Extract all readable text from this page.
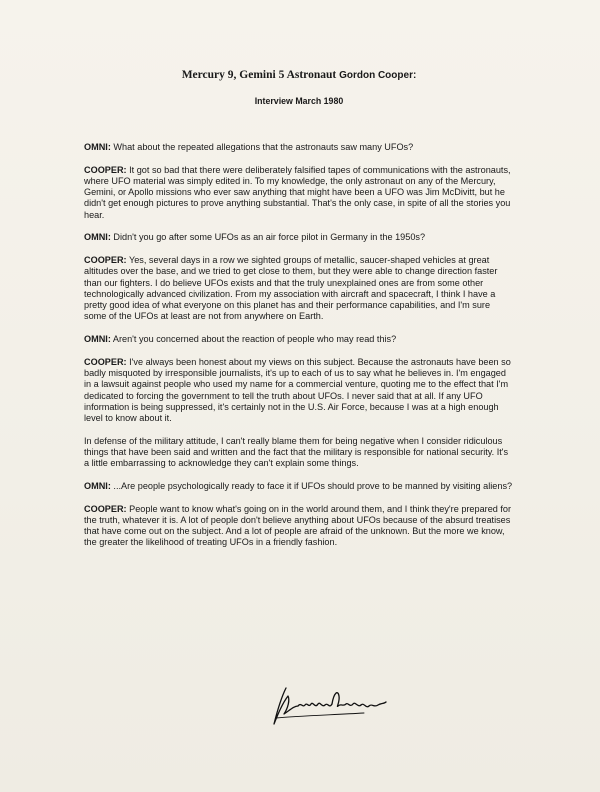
Mercury 9, Gemini 5 Astronaut Gordon Cooper:

Interview March 1980

OMNI: What about the repeated allegations that the astronauts saw many UFOs?

COOPER: It got so bad that there were deliberately falsified tapes of communications with the astronauts, where UFO material was simply edited in. To my knowledge, the only astronaut on any of the Mercury, Gemini, or Apollo missions who ever saw anything that might have been a UFO was Jim McDivitt, but he didn't get enough pictures to prove anything substantial. That's the only case, in spite of all the stories you hear.

OMNI: Didn't you go after some UFOs as an air force pilot in Germany in the 1950s?

COOPER: Yes, several days in a row we sighted groups of metallic, saucer-shaped vehicles at great altitudes over the base, and we tried to get close to them, but they were able to change direction faster than our fighters. I do believe UFOs exists and that the truly unexplained ones are from some other technologically advanced civilization. From my association with aircraft and spacecraft, I think I have a pretty good idea of what everyone on this planet has and their performance capabilities, and I'm sure some of the UFOs at least are not from anywhere on Earth.

OMNI: Aren't you concerned about the reaction of people who may read this?

COOPER: I've always been honest about my views on this subject. Because the astronauts have been so badly misquoted by irresponsible journalists, it's up to each of us to say what he believes in. I'm engaged in a lawsuit against people who used my name for a commercial venture, quoting me to the effect that I'm dedicated to forcing the government to tell the truth about UFOs. I never said that at all. If any UFO information is being suppressed, it's certainly not in the U.S. Air Force, because I was at a high enough level to know about it.

In defense of the military attitude, I can't really blame them for being negative when I consider ridiculous things that have been said and written and the fact that the military is responsible for national security. It's a little embarrassing to acknowledge they can't explain some things.

OMNI: ...Are people psychologically ready to face it if UFOs should prove to be manned by visiting aliens?

COOPER: People want to know what's going on in the world around them, and I think they're prepared for the truth, whatever it is. A lot of people don't believe anything about UFOs because of the absurd treatises that have come out on the subject. And a lot of people are afraid of the unknown. But the more we know, the greater the likelihood of treating UFOs in a friendly fashion.
